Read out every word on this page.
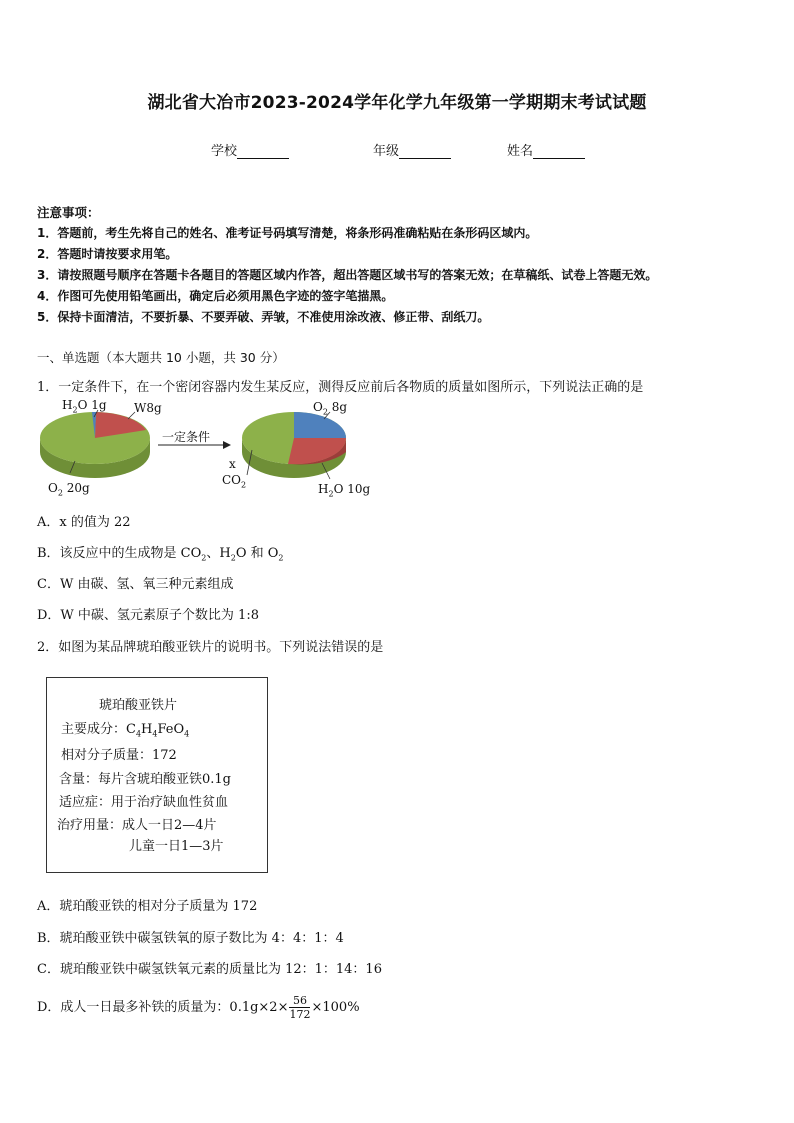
湖北省大冶市2023-2024学年化学九年级第一学期期末考试试题
学校	年级	姓名
注意事项：
1．答题前，考生先将自己的姓名、准考证号码填写清楚，将条形码准确粘贴在条形码区域内。
2．答题时请按要求用笔。
3．请按照题号顺序在答题卡各题目的答题区域内作答，超出答题区域书写的答案无效；在草稿纸、试卷上答题无效。
4．作图可先使用铅笔画出，确定后必须用黑色字迹的签字笔描黑。
5．保持卡面清洁，不要折暴、不要弄破、弄皱，不准使用涂改液、修正带、刮纸刀。
一、单选题（本大题共 10 小题，共 30 分）
1．一定条件下，在一个密闭容器内发生某反应，测得反应前后各物质的质量如图所示，下列说法正确的是
$H_2O$ 1g W8g
$O_2$ 20g
一定条件
$O_2$ 8g
x
$CO_2$	$H_2O$ 10g
A．x 的值为 22
B．该反应中的生成物是 $CO_2$、$H_2O$ 和 $O_2$
C．W 由碳、氢、氧三种元素组成
D．W 中碳、氢元素原子个数比为 1:8
2．如图为某品牌琥珀酸亚铁片的说明书。下列说法错误的是
琥珀酸亚铁片
主要成分：$C_4H_4FeO_4$
相对分子质量：172
含量：每片含琥珀酸亚铁0.1g
适应症：用于治疗缺血性贫血
治疗用量：成人一日2—4片
儿童一日1—3片
A．琥珀酸亚铁的相对分子质量为 172
B．琥珀酸亚铁中碳氢铁氧的原子数比为 4：4：1：4
C．琥珀酸亚铁中碳氢铁氧元素的质量比为 12：1：14：16
D．成人一日最多补铁的质量为：$0.1g\times 2\times \frac{56}{172} \times 100\%$
